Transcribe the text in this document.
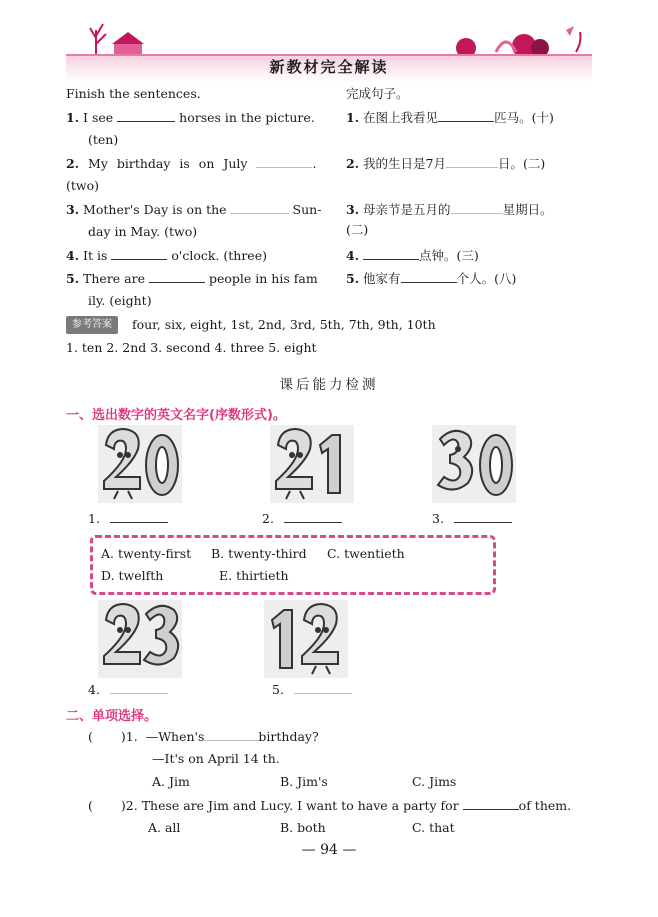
新教材完全解读
Finish the sentences.
1. I see	horses in the picture.
(ten)
2. My birthday is on July	.
(two)
3. Mother's Day is on the	Sun-
day in May. (two)
4. It is	o'clock. (three)
5. There are	people in his fam
ily. (eight)
完成句子。
1. 在图上我看见	匹马。(十)
2. 我的生日是7月	日。(二)
3. 母亲节是五月的	星期日。
(二)
4.	点钟。(三)
5. 他家有	个人。(八)
参考答案 four, six, eight, 1st, 2nd, 3rd, 5th, 7th, 9th, 10th
1. ten 2. 2nd 3. second 4. three 5. eight
课后能力检测
一、选出数字的英文名字(序数形式)。
20	21	30
1.	2.	3.
A. twenty-first B. twenty-third C. twentieth
D. twelfth	E. thirtieth
23	12
4.	5.
二、单项选择。
( )1. —When's	birthday?
—It's on April 14 th.
A. Jim	B. Jim's	C. Jims
( )2. These are Jim and Lucy. I want to have a party for	of them.
A. all	B. both	C. that
— 94 —
